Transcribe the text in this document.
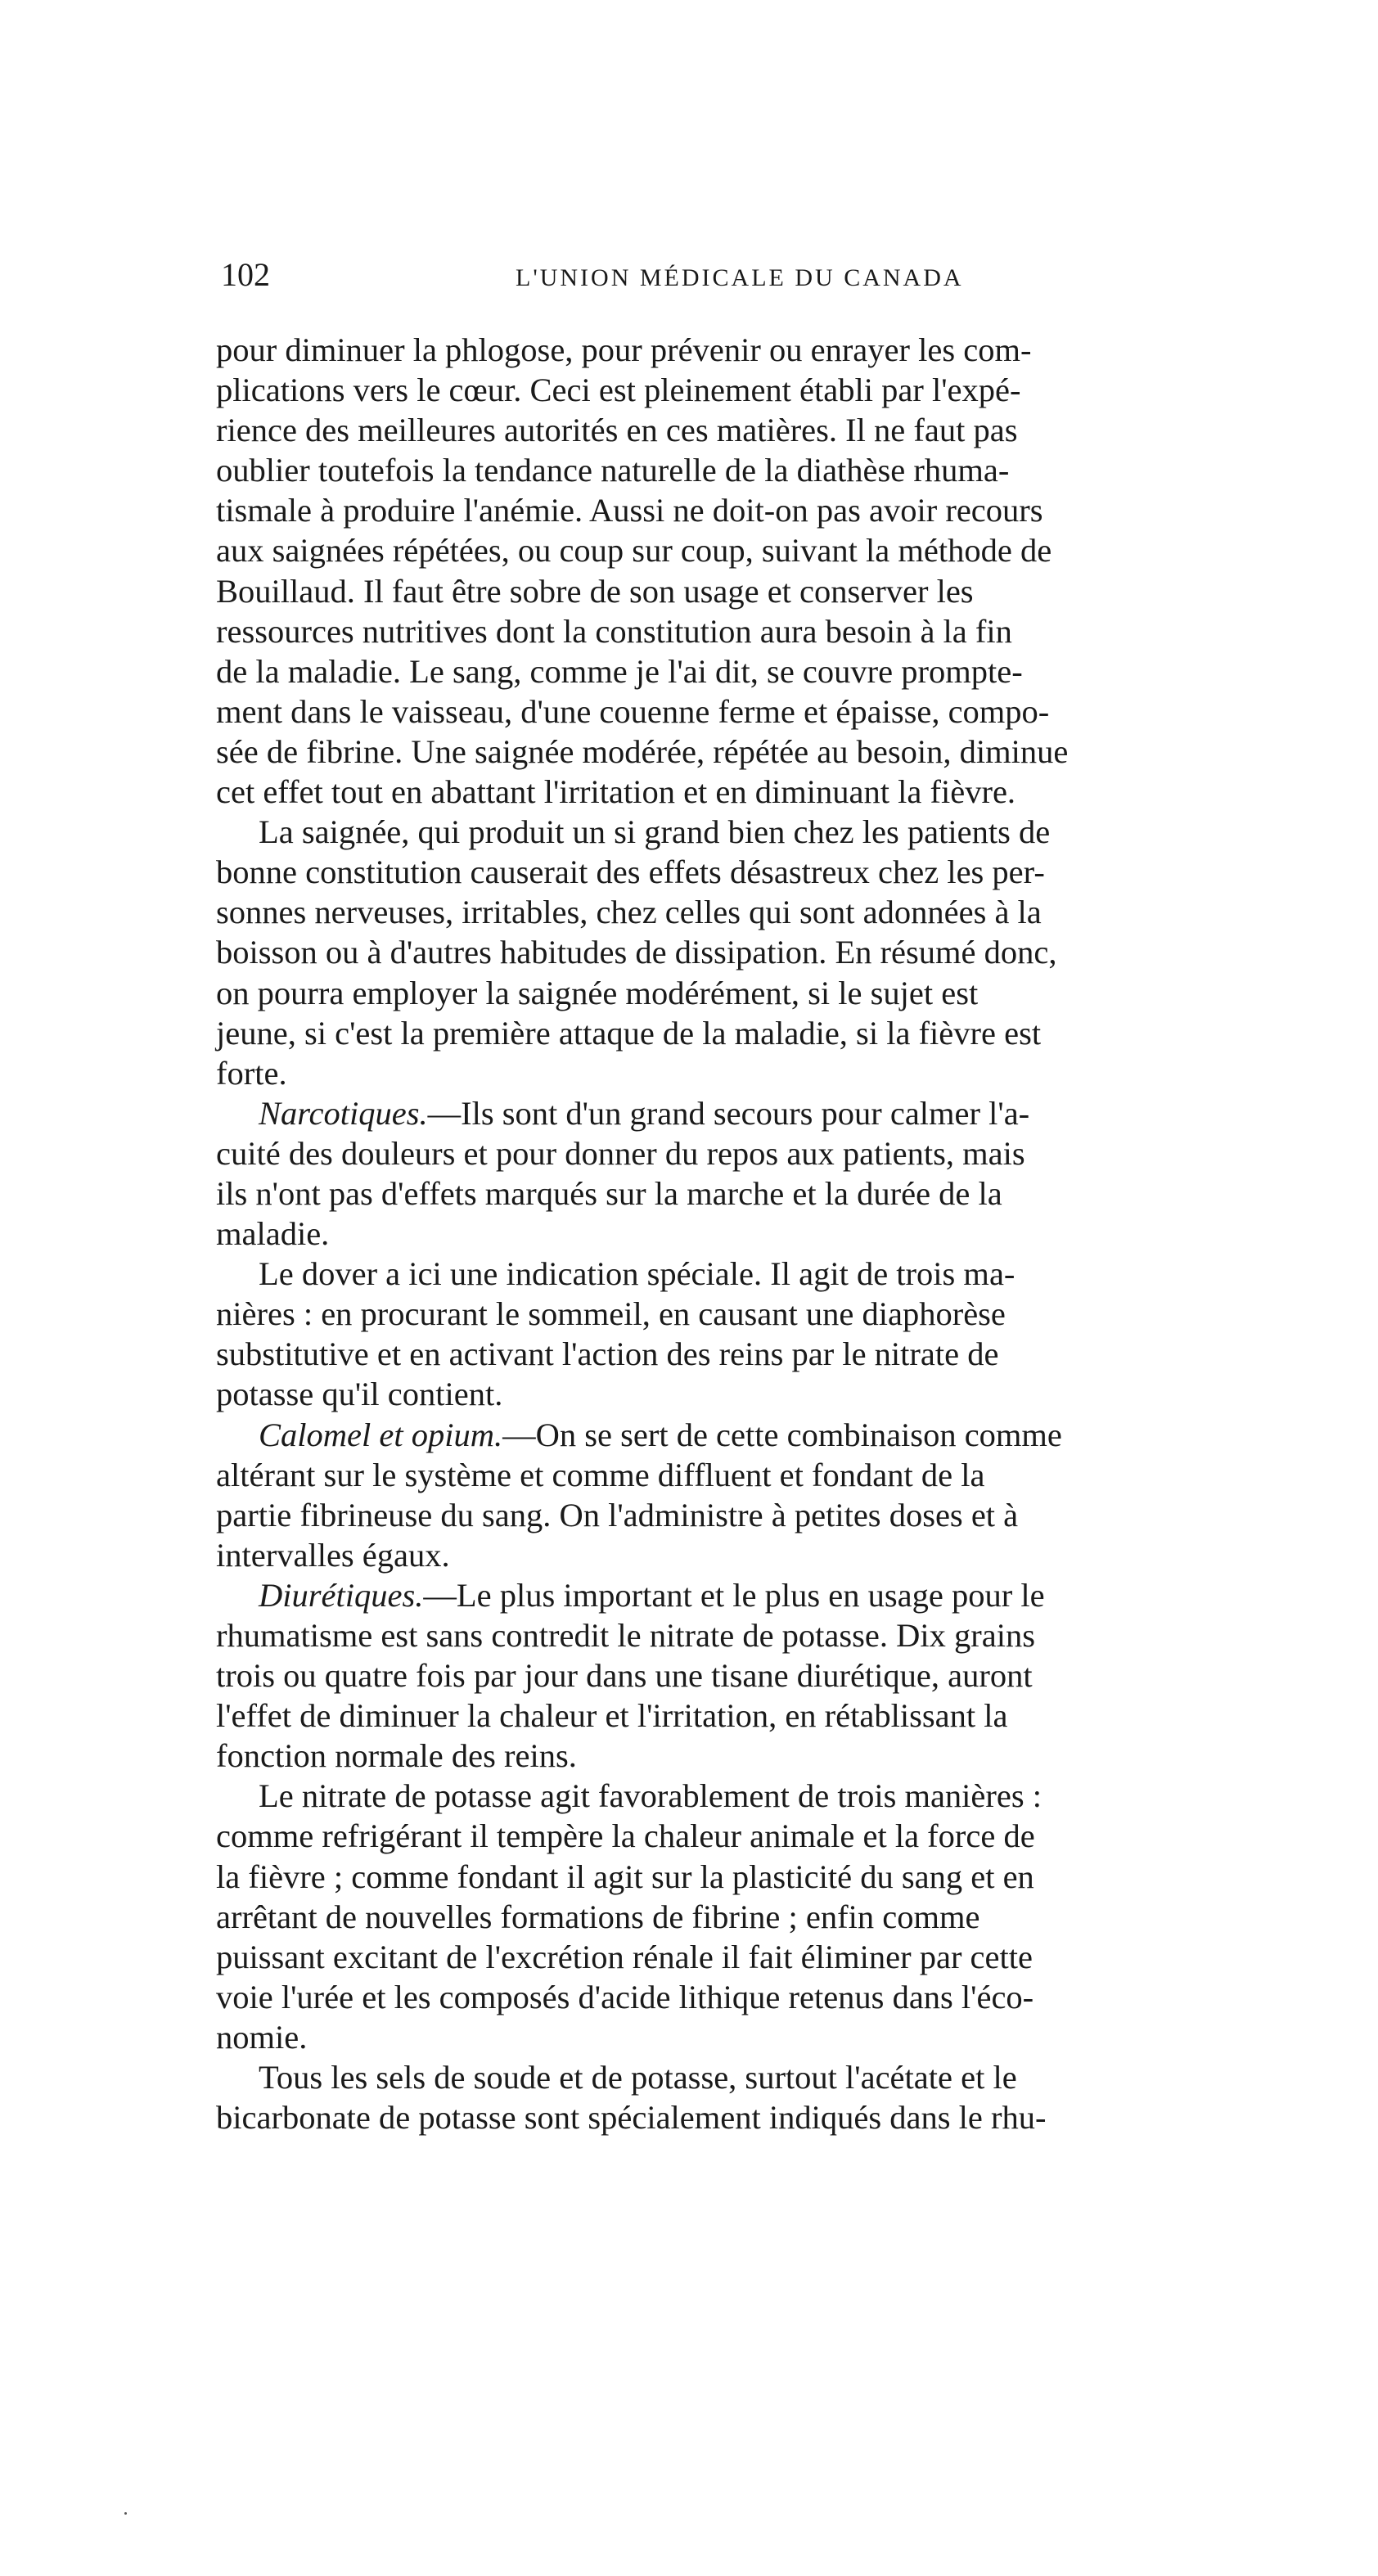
102	L'UNION MÉDICALE DU CANADA
pour diminuer la phlogose, pour prévenir ou enrayer les com-
plications vers le cœur. Ceci est pleinement établi par l'expé-
rience des meilleures autorités en ces matières. Il ne faut pas
oublier toutefois la tendance naturelle de la diathèse rhuma-
tismale à produire l'anémie. Aussi ne doit-on pas avoir recours
aux saignées répétées, ou coup sur coup, suivant la méthode de
Bouillaud. Il faut être sobre de son usage et conserver les
ressources nutritives dont la constitution aura besoin à la fin
de la maladie. Le sang, comme je l'ai dit, se couvre prompte-
ment dans le vaisseau, d'une couenne ferme et épaisse, compo-
sée de fibrine. Une saignée modérée, répétée au besoin, diminue
cet effet tout en abattant l'irritation et en diminuant la fièvre.
La saignée, qui produit un si grand bien chez les patients de
bonne constitution causerait des effets désastreux chez les per-
sonnes nerveuses, irritables, chez celles qui sont adonnées à la
boisson ou à d'autres habitudes de dissipation. En résumé donc,
on pourra employer la saignée modérément, si le sujet est
jeune, si c'est la première attaque de la maladie, si la fièvre est
forte.
Narcotiques.—Ils sont d'un grand secours pour calmer l'a-
cuité des douleurs et pour donner du repos aux patients, mais
ils n'ont pas d'effets marqués sur la marche et la durée de la
maladie.
Le dover a ici une indication spéciale. Il agit de trois ma-
nières : en procurant le sommeil, en causant une diaphorèse
substitutive et en activant l'action des reins par le nitrate de
potasse qu'il contient.
Calomel et opium.—On se sert de cette combinaison comme
altérant sur le système et comme diffluent et fondant de la
partie fibrineuse du sang. On l'administre à petites doses et à
intervalles égaux.
Diurétiques.—Le plus important et le plus en usage pour le
rhumatisme est sans contredit le nitrate de potasse. Dix grains
trois ou quatre fois par jour dans une tisane diurétique, auront
l'effet de diminuer la chaleur et l'irritation, en rétablissant la
fonction normale des reins.
Le nitrate de potasse agit favorablement de trois manières :
comme refrigérant il tempère la chaleur animale et la force de
la fièvre ; comme fondant il agit sur la plasticité du sang et en
arrêtant de nouvelles formations de fibrine ; enfin comme
puissant excitant de l'excrétion rénale il fait éliminer par cette
voie l'urée et les composés d'acide lithique retenus dans l'éco-
nomie.
Tous les sels de soude et de potasse, surtout l'acétate et le
bicarbonate de potasse sont spécialement indiqués dans le rhu-
